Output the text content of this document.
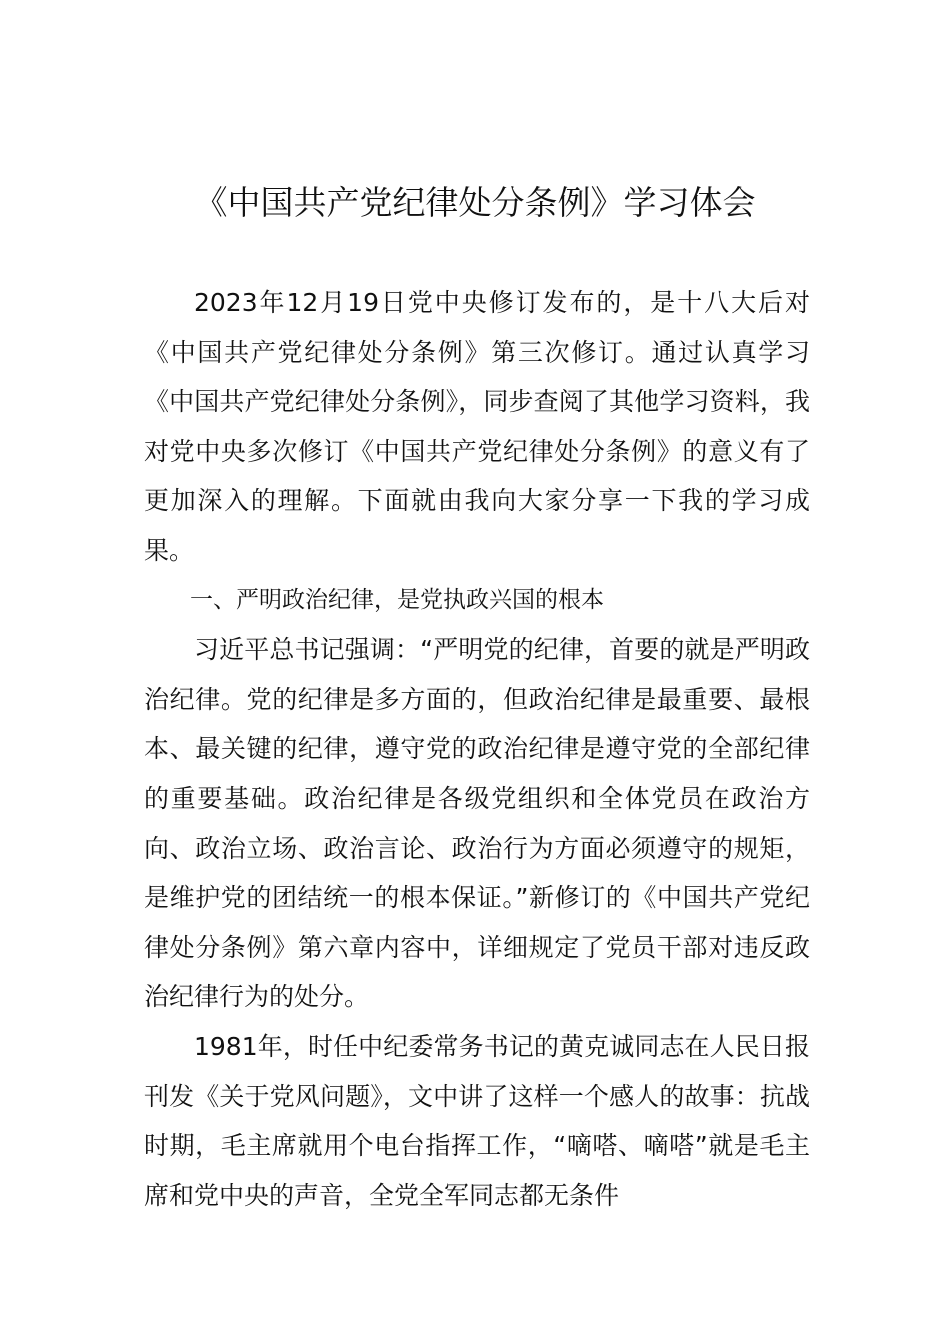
《中国共产党纪律处分条例》学习体会

2023年12月19日党中央修订发布的，是十八大后对《中国共产党纪律处分条例》第三次修订。通过认真学习《中国共产党纪律处分条例》，同步查阅了其他学习资料，我对党中央多次修订《中国共产党纪律处分条例》的意义有了更加深入的理解。下面就由我向大家分享一下我的学习成果。

一、严明政治纪律，是党执政兴国的根本

习近平总书记强调：“严明党的纪律，首要的就是严明政治纪律。党的纪律是多方面的，但政治纪律是最重要、最根本、最关键的纪律，遵守党的政治纪律是遵守党的全部纪律的重要基础。政治纪律是各级党组织和全体党员在政治方向、政治立场、政治言论、政治行为方面必须遵守的规矩，是维护党的团结统一的根本保证。”新修订的《中国共产党纪律处分条例》第六章内容中，详细规定了党员干部对违反政治纪律行为的处分。

1981年，时任中纪委常务书记的黄克诚同志在人民日报刊发《关于党风问题》，文中讲了这样一个感人的故事：抗战时期，毛主席就用个电台指挥工作，“嘀嗒、嘀嗒”就是毛主席和党中央的声音，全党全军同志都无条件
